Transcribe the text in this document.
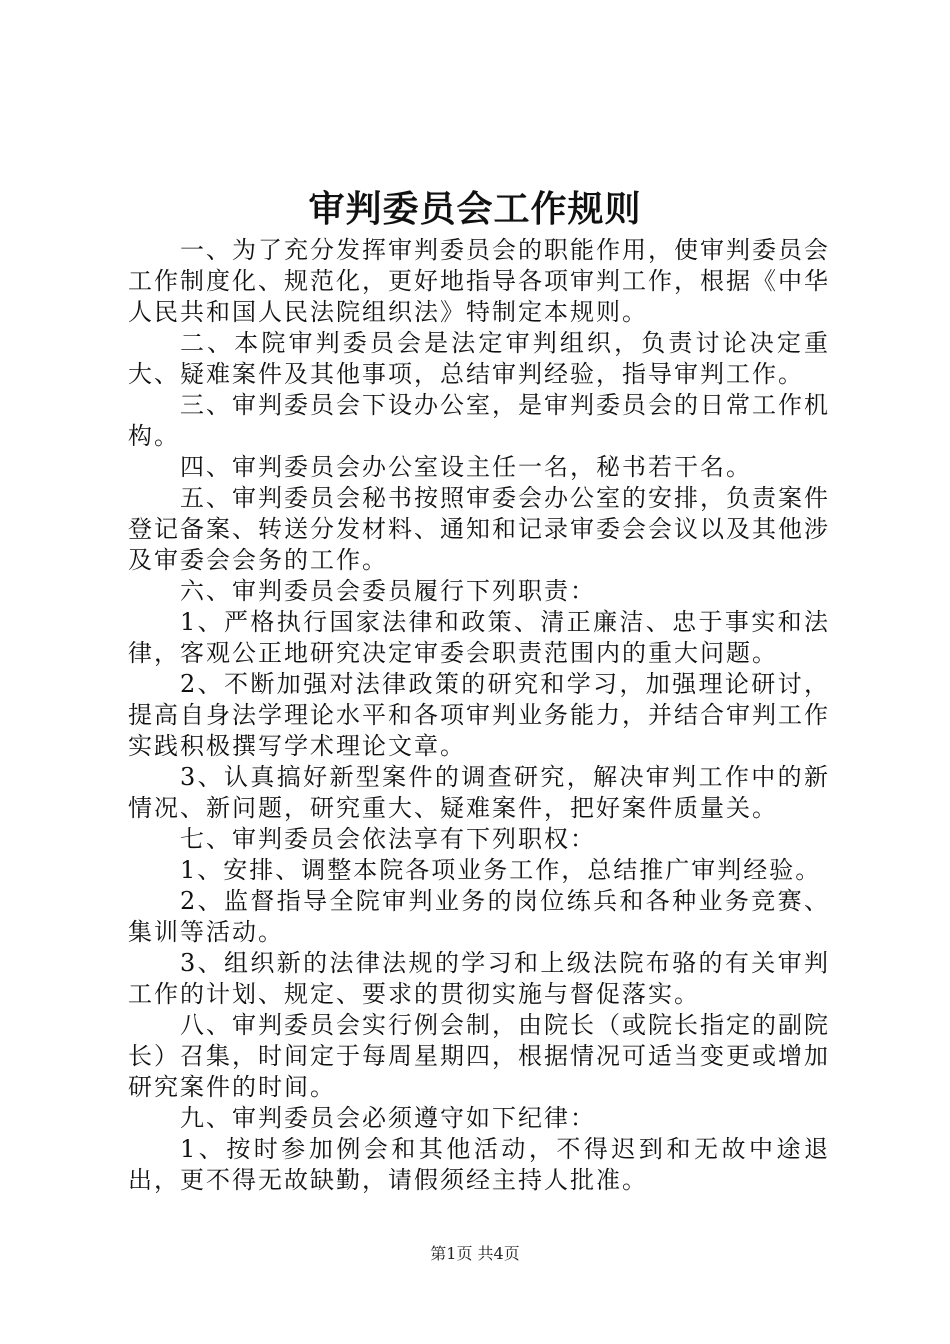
审判委员会工作规则

一、为了充分发挥审判委员会的职能作用，使审判委员会工作制度化、规范化，更好地指导各项审判工作，根据《中华人民共和国人民法院组织法》特制定本规则。

二、本院审判委员会是法定审判组织，负责讨论决定重大、疑难案件及其他事项，总结审判经验，指导审判工作。

三、审判委员会下设办公室，是审判委员会的日常工作机构。

四、审判委员会办公室设主任一名，秘书若干名。

五、审判委员会秘书按照审委会办公室的安排，负责案件登记备案、转送分发材料、通知和记录审委会会议以及其他涉及审委会会务的工作。

六、审判委员会委员履行下列职责：

1、严格执行国家法律和政策、清正廉洁、忠于事实和法律，客观公正地研究决定审委会职责范围内的重大问题。

2、不断加强对法律政策的研究和学习，加强理论研讨，提高自身法学理论水平和各项审判业务能力，并结合审判工作实践积极撰写学术理论文章。

3、认真搞好新型案件的调查研究，解决审判工作中的新情况、新问题，研究重大、疑难案件，把好案件质量关。

七、审判委员会依法享有下列职权：

1、安排、调整本院各项业务工作，总结推广审判经验。

2、监督指导全院审判业务的岗位练兵和各种业务竞赛、集训等活动。

3、组织新的法律法规的学习和上级法院布骆的有关审判工作的计划、规定、要求的贯彻实施与督促落实。

八、审判委员会实行例会制，由院长（或院长指定的副院长）召集，时间定于每周星期四，根据情况可适当变更或增加研究案件的时间。

九、审判委员会必须遵守如下纪律：

1、按时参加例会和其他活动，不得迟到和无故中途退出，更不得无故缺勤，请假须经主持人批准。

第1页 共4页
